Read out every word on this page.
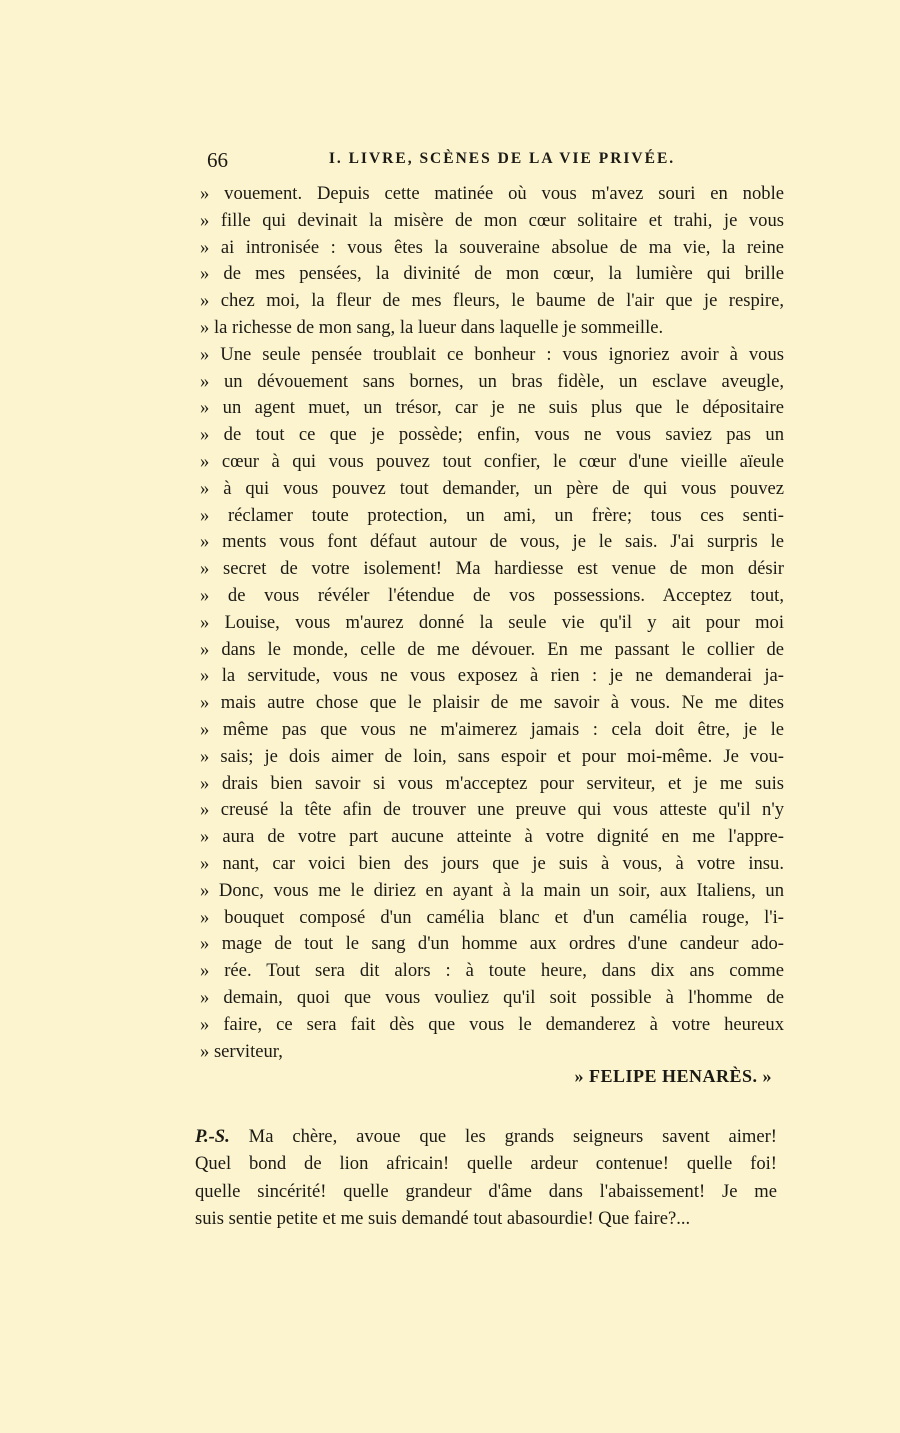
66	I. LIVRE, SCÈNES DE LA VIE PRIVÉE.
» vouement. Depuis cette matinée où vous m'avez souri en noble
» fille qui devinait la misère de mon cœur solitaire et trahi, je vous
» ai intronisée : vous êtes la souveraine absolue de ma vie, la reine
» de mes pensées, la divinité de mon cœur, la lumière qui brille
» chez moi, la fleur de mes fleurs, le baume de l'air que je respire,
» la richesse de mon sang, la lueur dans laquelle je sommeille.
» Une seule pensée troublait ce bonheur : vous ignoriez avoir à vous
» un dévouement sans bornes, un bras fidèle, un esclave aveugle,
» un agent muet, un trésor, car je ne suis plus que le dépositaire
» de tout ce que je possède; enfin, vous ne vous saviez pas un
» cœur à qui vous pouvez tout confier, le cœur d'une vieille aïeule
» à qui vous pouvez tout demander, un père de qui vous pouvez
» réclamer toute protection, un ami, un frère; tous ces senti-
» ments vous font défaut autour de vous, je le sais. J'ai surpris le
» secret de votre isolement! Ma hardiesse est venue de mon désir
» de vous révéler l'étendue de vos possessions. Acceptez tout,
» Louise, vous m'aurez donné la seule vie qu'il y ait pour moi
» dans le monde, celle de me dévouer. En me passant le collier de
» la servitude, vous ne vous exposez à rien : je ne demanderai ja-
» mais autre chose que le plaisir de me savoir à vous. Ne me dites
» même pas que vous ne m'aimerez jamais : cela doit être, je le
» sais; je dois aimer de loin, sans espoir et pour moi-même. Je vou-
» drais bien savoir si vous m'acceptez pour serviteur, et je me suis
» creusé la tête afin de trouver une preuve qui vous atteste qu'il n'y
» aura de votre part aucune atteinte à votre dignité en me l'appre-
» nant, car voici bien des jours que je suis à vous, à votre insu.
» Donc, vous me le diriez en ayant à la main un soir, aux Italiens, un
» bouquet composé d'un camélia blanc et d'un camélia rouge, l'i-
» mage de tout le sang d'un homme aux ordres d'une candeur ado-
» rée. Tout sera dit alors : à toute heure, dans dix ans comme
» demain, quoi que vous vouliez qu'il soit possible à l'homme de
» faire, ce sera fait dès que vous le demanderez à votre heureux
» serviteur,
» FELIPE HENARÈS. »
P.-S. Ma chère, avoue que les grands seigneurs savent aimer!
Quel bond de lion africain! quelle ardeur contenue! quelle foi!
quelle sincérité! quelle grandeur d'âme dans l'abaissement! Je me
suis sentie petite et me suis demandé tout abasourdie! Que faire?...
